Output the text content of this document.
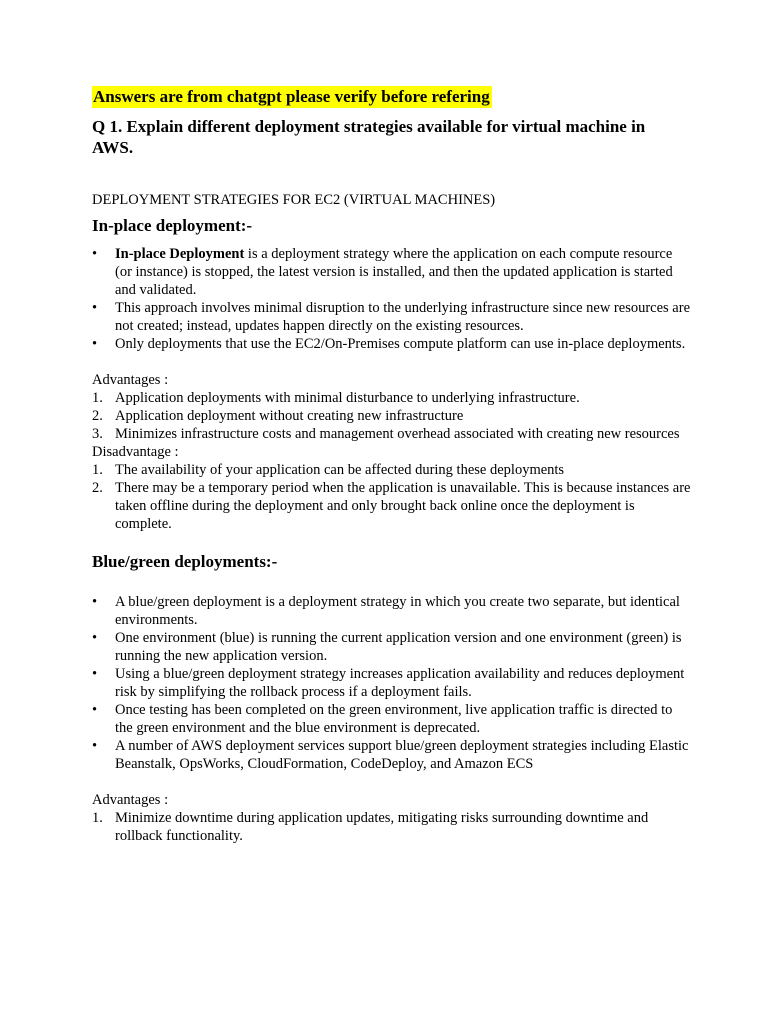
Answers are from chatgpt please verify before refering

Q 1. Explain different deployment strategies available for virtual machine in AWS.

DEPLOYMENT STRATEGIES FOR EC2 (VIRTUAL MACHINES)

In-place deployment:-

•	In-place Deployment is a deployment strategy where the application on each compute resource (or instance) is stopped, the latest version is installed, and then the updated application is started and validated.
•	This approach involves minimal disruption to the underlying infrastructure since new resources are not created; instead, updates happen directly on the existing resources.
•	Only deployments that use the EC2/On-Premises compute platform can use in-place deployments.

Advantages :

1. Application deployments with minimal disturbance to underlying infrastructure.
2. Application deployment without creating new infrastructure
3. Minimizes infrastructure costs and management overhead associated with creating new resources

Disadvantage :

1. The availability of your application can be affected during these deployments
2. There may be a temporary period when the application is unavailable. This is because instances are taken offline during the deployment and only brought back online once the deployment is complete.

Blue/green deployments:-

•	A blue/green deployment is a deployment strategy in which you create two separate, but identical environments.
•	One environment (blue) is running the current application version and one environment (green) is running the new application version.
•	Using a blue/green deployment strategy increases application availability and reduces deployment risk by simplifying the rollback process if a deployment fails.
•	Once testing has been completed on the green environment, live application traffic is directed to the green environment and the blue environment is deprecated.
•	A number of AWS deployment services support blue/green deployment strategies including Elastic Beanstalk, OpsWorks, CloudFormation, CodeDeploy, and Amazon ECS

Advantages :

1. Minimize downtime during application updates, mitigating risks surrounding downtime and rollback functionality.
